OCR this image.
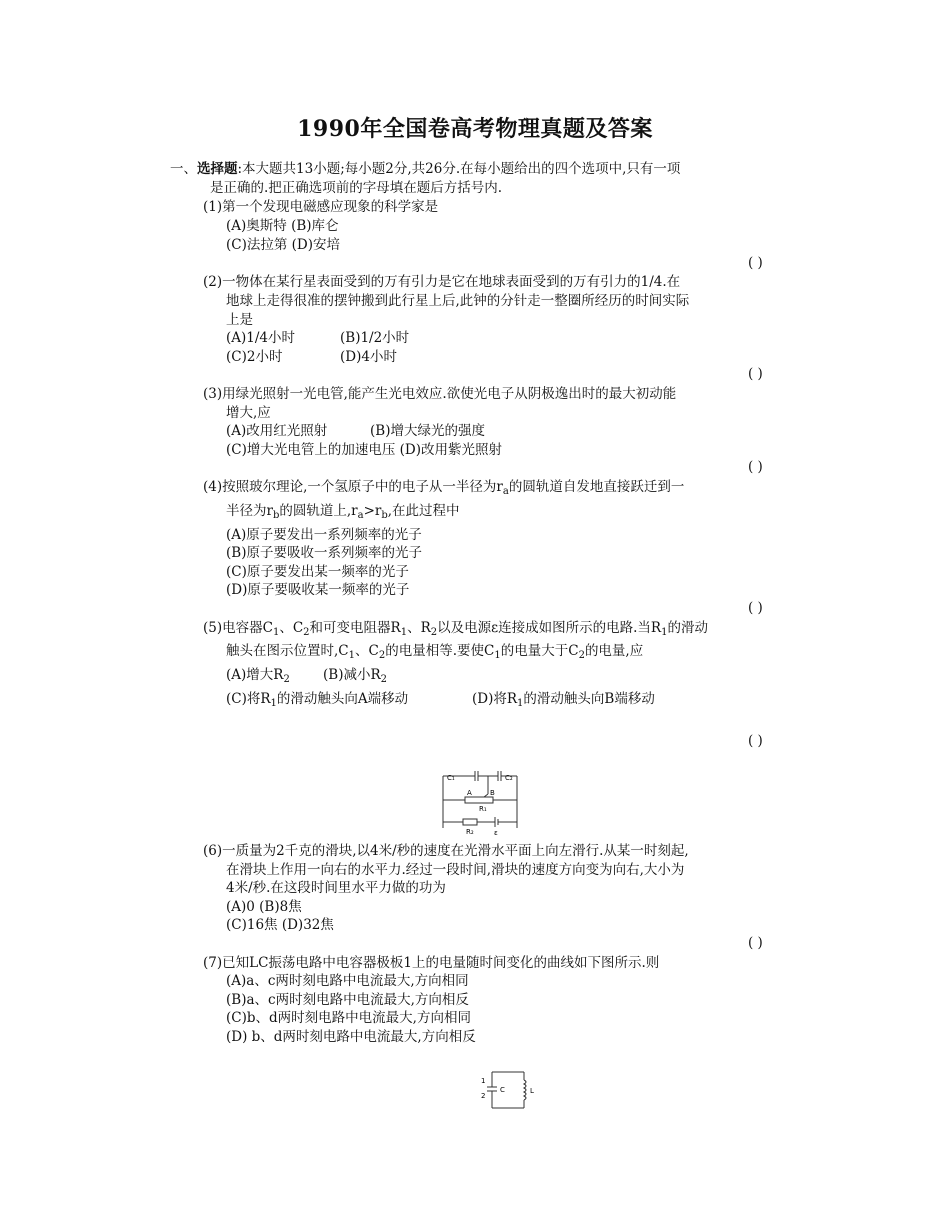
1990年全国卷高考物理真题及答案
一、选择题:本大题共13小题;每小题2分,共26分.在每小题给出的四个选项中,只有一项
是正确的.把正确选项前的字母填在题后方括号内.
(1)第一个发现电磁感应现象的科学家是
(A)奥斯特 (B)库仑
(C)法拉第 (D)安培
( )
(2)一物体在某行星表面受到的万有引力是它在地球表面受到的万有引力的1/4.在
地球上走得很准的摆钟搬到此行星上后,此钟的分针走一整圈所经历的时间实际
上是
(A)1/4小时	(B)1/2小时
(C)2小时	(D)4小时
( )
(3)用绿光照射一光电管,能产生光电效应.欲使光电子从阴极逸出时的最大初动能
增大,应
(A)改用红光照射	(B)增大绿光的强度
(C)增大光电管上的加速电压 (D)改用紫光照射
( )
(4)按照玻尔理论,一个氢原子中的电子从一半径为$r_a$的圆轨道自发地直接跃迁到一
半径为$r_b$的圆轨道上$,r_a>r_b$,在此过程中
(A)原子要发出一系列频率的光子
(B)原子要吸收一系列频率的光子
(C)原子要发出某一频率的光子
(D)原子要吸收某一频率的光子
( )
(5)电容器$C_1$、$C_2$和可变电阻器$R_1$、$R_2$以及电源ε连接成如图所示的电路.当$R_1$的滑动
触头在图示位置时$,C_1$、$C_2$的电量相等.要使$C_1$的电量大于$C_2$的电量,应
(A)增大$R_2$ (B)减小$R_2$
(C)将$R_1$的滑动触头向A端移动	(D)将$R_1$的滑动触头向B端移动
( )
C₁	C₂
A	B
R₁
R₂	ε
(6)一质量为2千克的滑块,以4米/秒的速度在光滑水平面上向左滑行.从某一时刻起,
在滑块上作用一向右的水平力.经过一段时间,滑块的速度方向变为向右,大小为
4米/秒.在这段时间里水平力做的功为
(A)0 (B)8焦
(C)16焦 (D)32焦
( )
(7)已知LC振荡电路中电容器极板1上的电量随时间变化的曲线如下图所示.则
(A)a、c两时刻电路中电流最大,方向相同
(B)a、c两时刻电路中电流最大,方向相反
(C)b、d两时刻电路中电流最大,方向相同
(D) b、d两时刻电路中电流最大,方向相反
1
2
C	L
